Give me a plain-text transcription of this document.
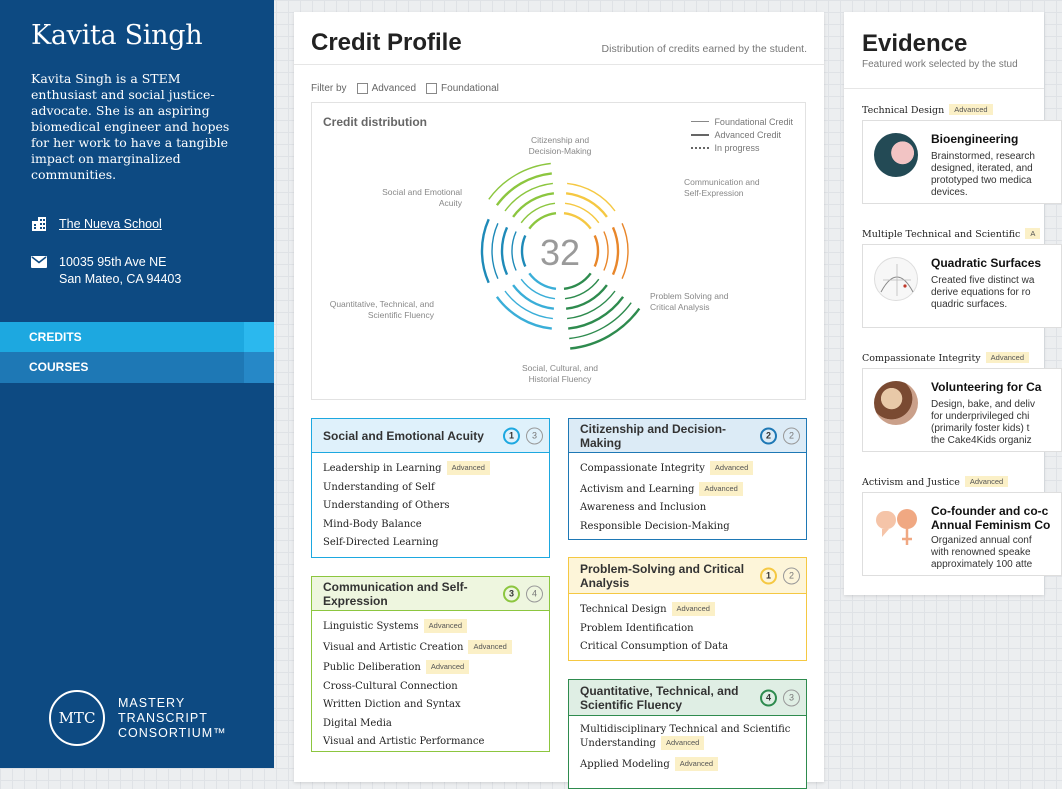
Kavita Singh

Kavita Singh is a STEM enthusiast and social justice-advocate. She is an aspiring biomedical engineer and hopes for her work to have a tangible impact on marginalized communities.

The Nueva School
10035 95th Ave NE
San Mateo, CA 94403
CREDITS
COURSES
MTC
MASTERY
TRANSCRIPT
CONSORTIUM™
Credit Profile	Distribution of credits earned by the student.
Filter by	Advanced	Foundational
Credit distribution	Foundational Credit
Advanced Credit
In progress
32
Citizenship and
Decision-Making
Communication and
Self-Expression
Problem Solving and
Critical Analysis
Social, Cultural, and
Historial Fluency
Quantitative, Technical, and
Scientific Fluency
Social and Emotional
Acuity
Social and Emotional Acuity	1	3
Leadership in Learning Advanced
Understanding of Self
Understanding of Others
Mind-Body Balance
Self-Directed Learning
Citizenship and Decision-Making	2	2
Compassionate Integrity Advanced
Activism and Learning Advanced
Awareness and Inclusion
Responsible Decision-Making
Communication and Self-Expression	3	4
Linguistic Systems Advanced
Visual and Artistic Creation Advanced
Public Deliberation Advanced
Cross-Cultural Connection
Written Diction and Syntax
Digital Media
Visual and Artistic Performance
Problem-Solving and Critical Analysis	1	2
Technical Design Advanced
Problem Identification
Critical Consumption of Data
Quantitative, Technical, and Scientific Fluency	4	3
Multidisciplinary Technical and Scientific Understanding Advanced
Applied Modeling Advanced
Evidence
Featured work selected by the stud
Technical Design Advanced
Bioengineering
Brainstormed, research
designed, iterated, and
prototyped two medica
devices.
Multiple Technical and Scientific A
Quadratic Surfaces
Created five distinct wa
derive equations for ro
quadric surfaces.
Compassionate Integrity Advanced
Volunteering for Ca
Design, bake, and deliv
for underprivileged chi
(primarily foster kids) t
the Cake4Kids organiz
Activism and Justice Advanced
Co-founder and co-c
Annual Feminism Co
Organized annual conf
with renowned speake
approximately 100 atte
